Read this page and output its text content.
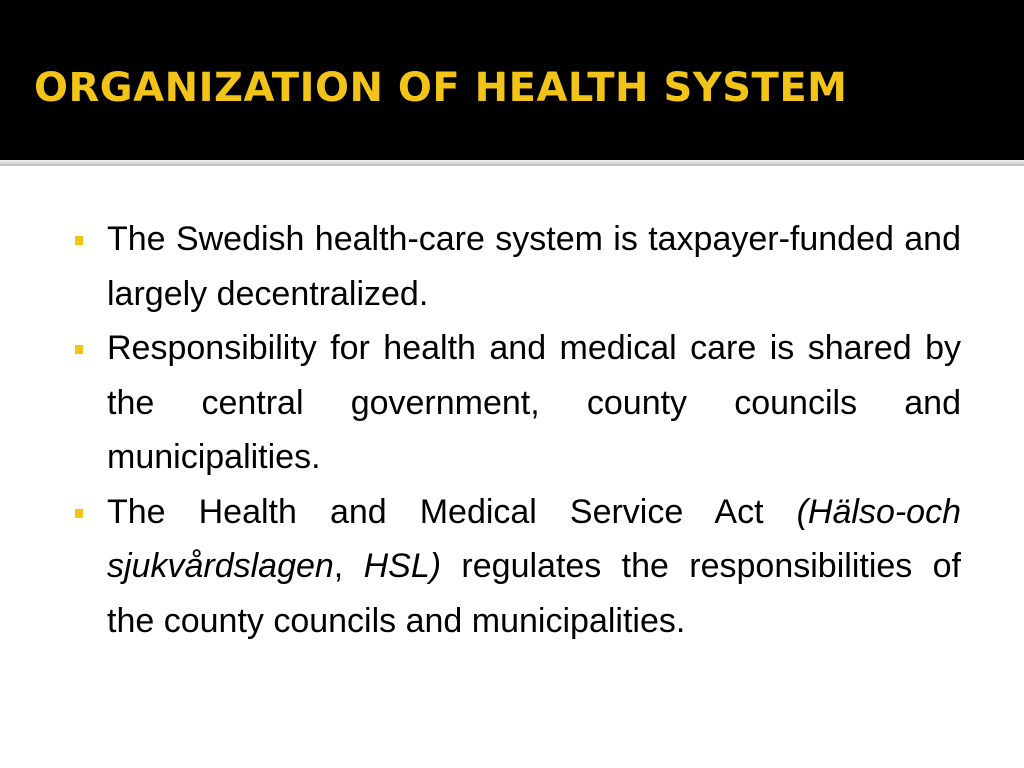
ORGANIZATION OF HEALTH SYSTEM
The Swedish health-care system is taxpayer-funded and largely decentralized.
Responsibility for health and medical care is shared by the central government, county councils and municipalities.
The Health and Medical Service Act (Hälso-och sjukvårdslagen, HSL) regulates the responsibilities of the county councils and municipalities.
